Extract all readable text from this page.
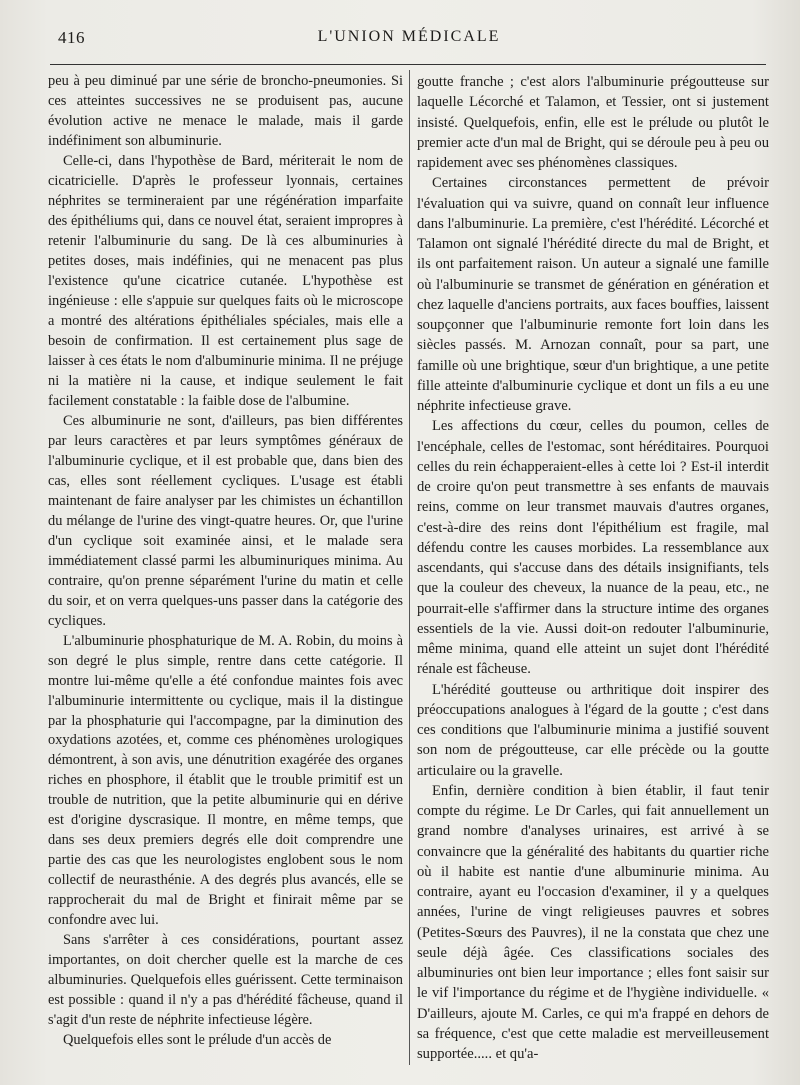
416	L'UNION MÉDICALE

peu à peu diminué par une série de broncho-pneumonies. Si ces atteintes successives ne se produisent pas, aucune évolution active ne menace le malade, mais il garde indéfiniment son albuminurie.

Celle-ci, dans l'hypothèse de Bard, mériterait le nom de cicatricielle. D'après le professeur lyonnais, certaines néphrites se termineraient par une régénération imparfaite des épithéliums qui, dans ce nouvel état, seraient impropres à retenir l'albuminurie du sang. De là ces albuminuries à petites doses, mais indéfinies, qui ne menacent pas plus l'existence qu'une cicatrice cutanée. L'hypothèse est ingénieuse : elle s'appuie sur quelques faits où le microscope a montré des altérations épithéliales spéciales, mais elle a besoin de confirmation. Il est certainement plus sage de laisser à ces états le nom d'albuminurie minima. Il ne préjuge ni la matière ni la cause, et indique seulement le fait facilement constatable : la faible dose de l'albumine.

Ces albuminurie ne sont, d'ailleurs, pas bien différentes par leurs caractères et par leurs symptômes généraux de l'albuminurie cyclique, et il est probable que, dans bien des cas, elles sont réellement cycliques. L'usage est établi maintenant de faire analyser par les chimistes un échantillon du mélange de l'urine des vingt-quatre heures. Or, que l'urine d'un cyclique soit examinée ainsi, et le malade sera immédiatement classé parmi les albuminuriques minima. Au contraire, qu'on prenne séparément l'urine du matin et celle du soir, et on verra quelques-uns passer dans la catégorie des cycliques.

L'albuminurie phosphaturique de M. A. Robin, du moins à son degré le plus simple, rentre dans cette catégorie. Il montre lui-même qu'elle a été confondue maintes fois avec l'albuminurie intermittente ou cyclique, mais il la distingue par la phosphaturie qui l'accompagne, par la diminution des oxydations azotées, et, comme ces phénomènes urologiques démontrent, à son avis, une dénutrition exagérée des organes riches en phosphore, il établit que le trouble primitif est un trouble de nutrition, que la petite albuminurie qui en dérive est d'origine dyscrasique. Il montre, en même temps, que dans ses deux premiers degrés elle doit comprendre une partie des cas que les neurologistes englobent sous le nom collectif de neurasthénie. A des degrés plus avancés, elle se rapprocherait du mal de Bright et finirait même par se confondre avec lui.

Sans s'arrêter à ces considérations, pourtant assez importantes, on doit chercher quelle est la marche de ces albuminuries. Quelquefois elles guérissent. Cette terminaison est possible : quand il n'y a pas d'hérédité fâcheuse, quand il s'agit d'un reste de néphrite infectieuse légère.

Quelquefois elles sont le prélude d'un accès de

goutte franche ; c'est alors l'albuminurie prégoutteuse sur laquelle Lécorché et Talamon, et Tessier, ont si justement insisté. Quelquefois, enfin, elle est le prélude ou plutôt le premier acte d'un mal de Bright, qui se déroule peu à peu ou rapidement avec ses phénomènes classiques.

Certaines circonstances permettent de prévoir l'évaluation qui va suivre, quand on connaît leur influence dans l'albuminurie. La première, c'est l'hérédité. Lécorché et Talamon ont signalé l'hérédité directe du mal de Bright, et ils ont parfaitement raison. Un auteur a signalé une famille où l'albuminurie se transmet de génération en génération et chez laquelle d'anciens portraits, aux faces bouffies, laissent soupçonner que l'albuminurie remonte fort loin dans les siècles passés. M. Arnozan connaît, pour sa part, une famille où une brightique, sœur d'un brightique, a une petite fille atteinte d'albuminurie cyclique et dont un fils a eu une néphrite infectieuse grave.

Les affections du cœur, celles du poumon, celles de l'encéphale, celles de l'estomac, sont héréditaires. Pourquoi celles du rein échapperaient-elles à cette loi ? Est-il interdit de croire qu'on peut transmettre à ses enfants de mauvais reins, comme on leur transmet mauvais d'autres organes, c'est-à-dire des reins dont l'épithélium est fragile, mal défendu contre les causes morbides. La ressemblance aux ascendants, qui s'accuse dans des détails insignifiants, tels que la couleur des cheveux, la nuance de la peau, etc., ne pourrait-elle s'affirmer dans la structure intime des organes essentiels de la vie. Aussi doit-on redouter l'albuminurie, même minima, quand elle atteint un sujet dont l'hérédité rénale est fâcheuse.

L'hérédité goutteuse ou arthritique doit inspirer des préoccupations analogues à l'égard de la goutte ; c'est dans ces conditions que l'albuminurie minima a justifié souvent son nom de prégoutteuse, car elle précède ou la goutte articulaire ou la gravelle.

Enfin, dernière condition à bien établir, il faut tenir compte du régime. Le Dr Carles, qui fait annuellement un grand nombre d'analyses urinaires, est arrivé à se convaincre que la généralité des habitants du quartier riche où il habite est nantie d'une albuminurie minima. Au contraire, ayant eu l'occasion d'examiner, il y a quelques années, l'urine de vingt religieuses pauvres et sobres (Petites-Sœurs des Pauvres), il ne la constata que chez une seule déjà âgée. Ces classifications sociales des albuminuries ont bien leur importance ; elles font saisir sur le vif l'importance du régime et de l'hygiène individuelle. « D'ailleurs, ajoute M. Carles, ce qui m'a frappé en dehors de sa fréquence, c'est que cette maladie est merveilleusement supportée..... et qu'a-
